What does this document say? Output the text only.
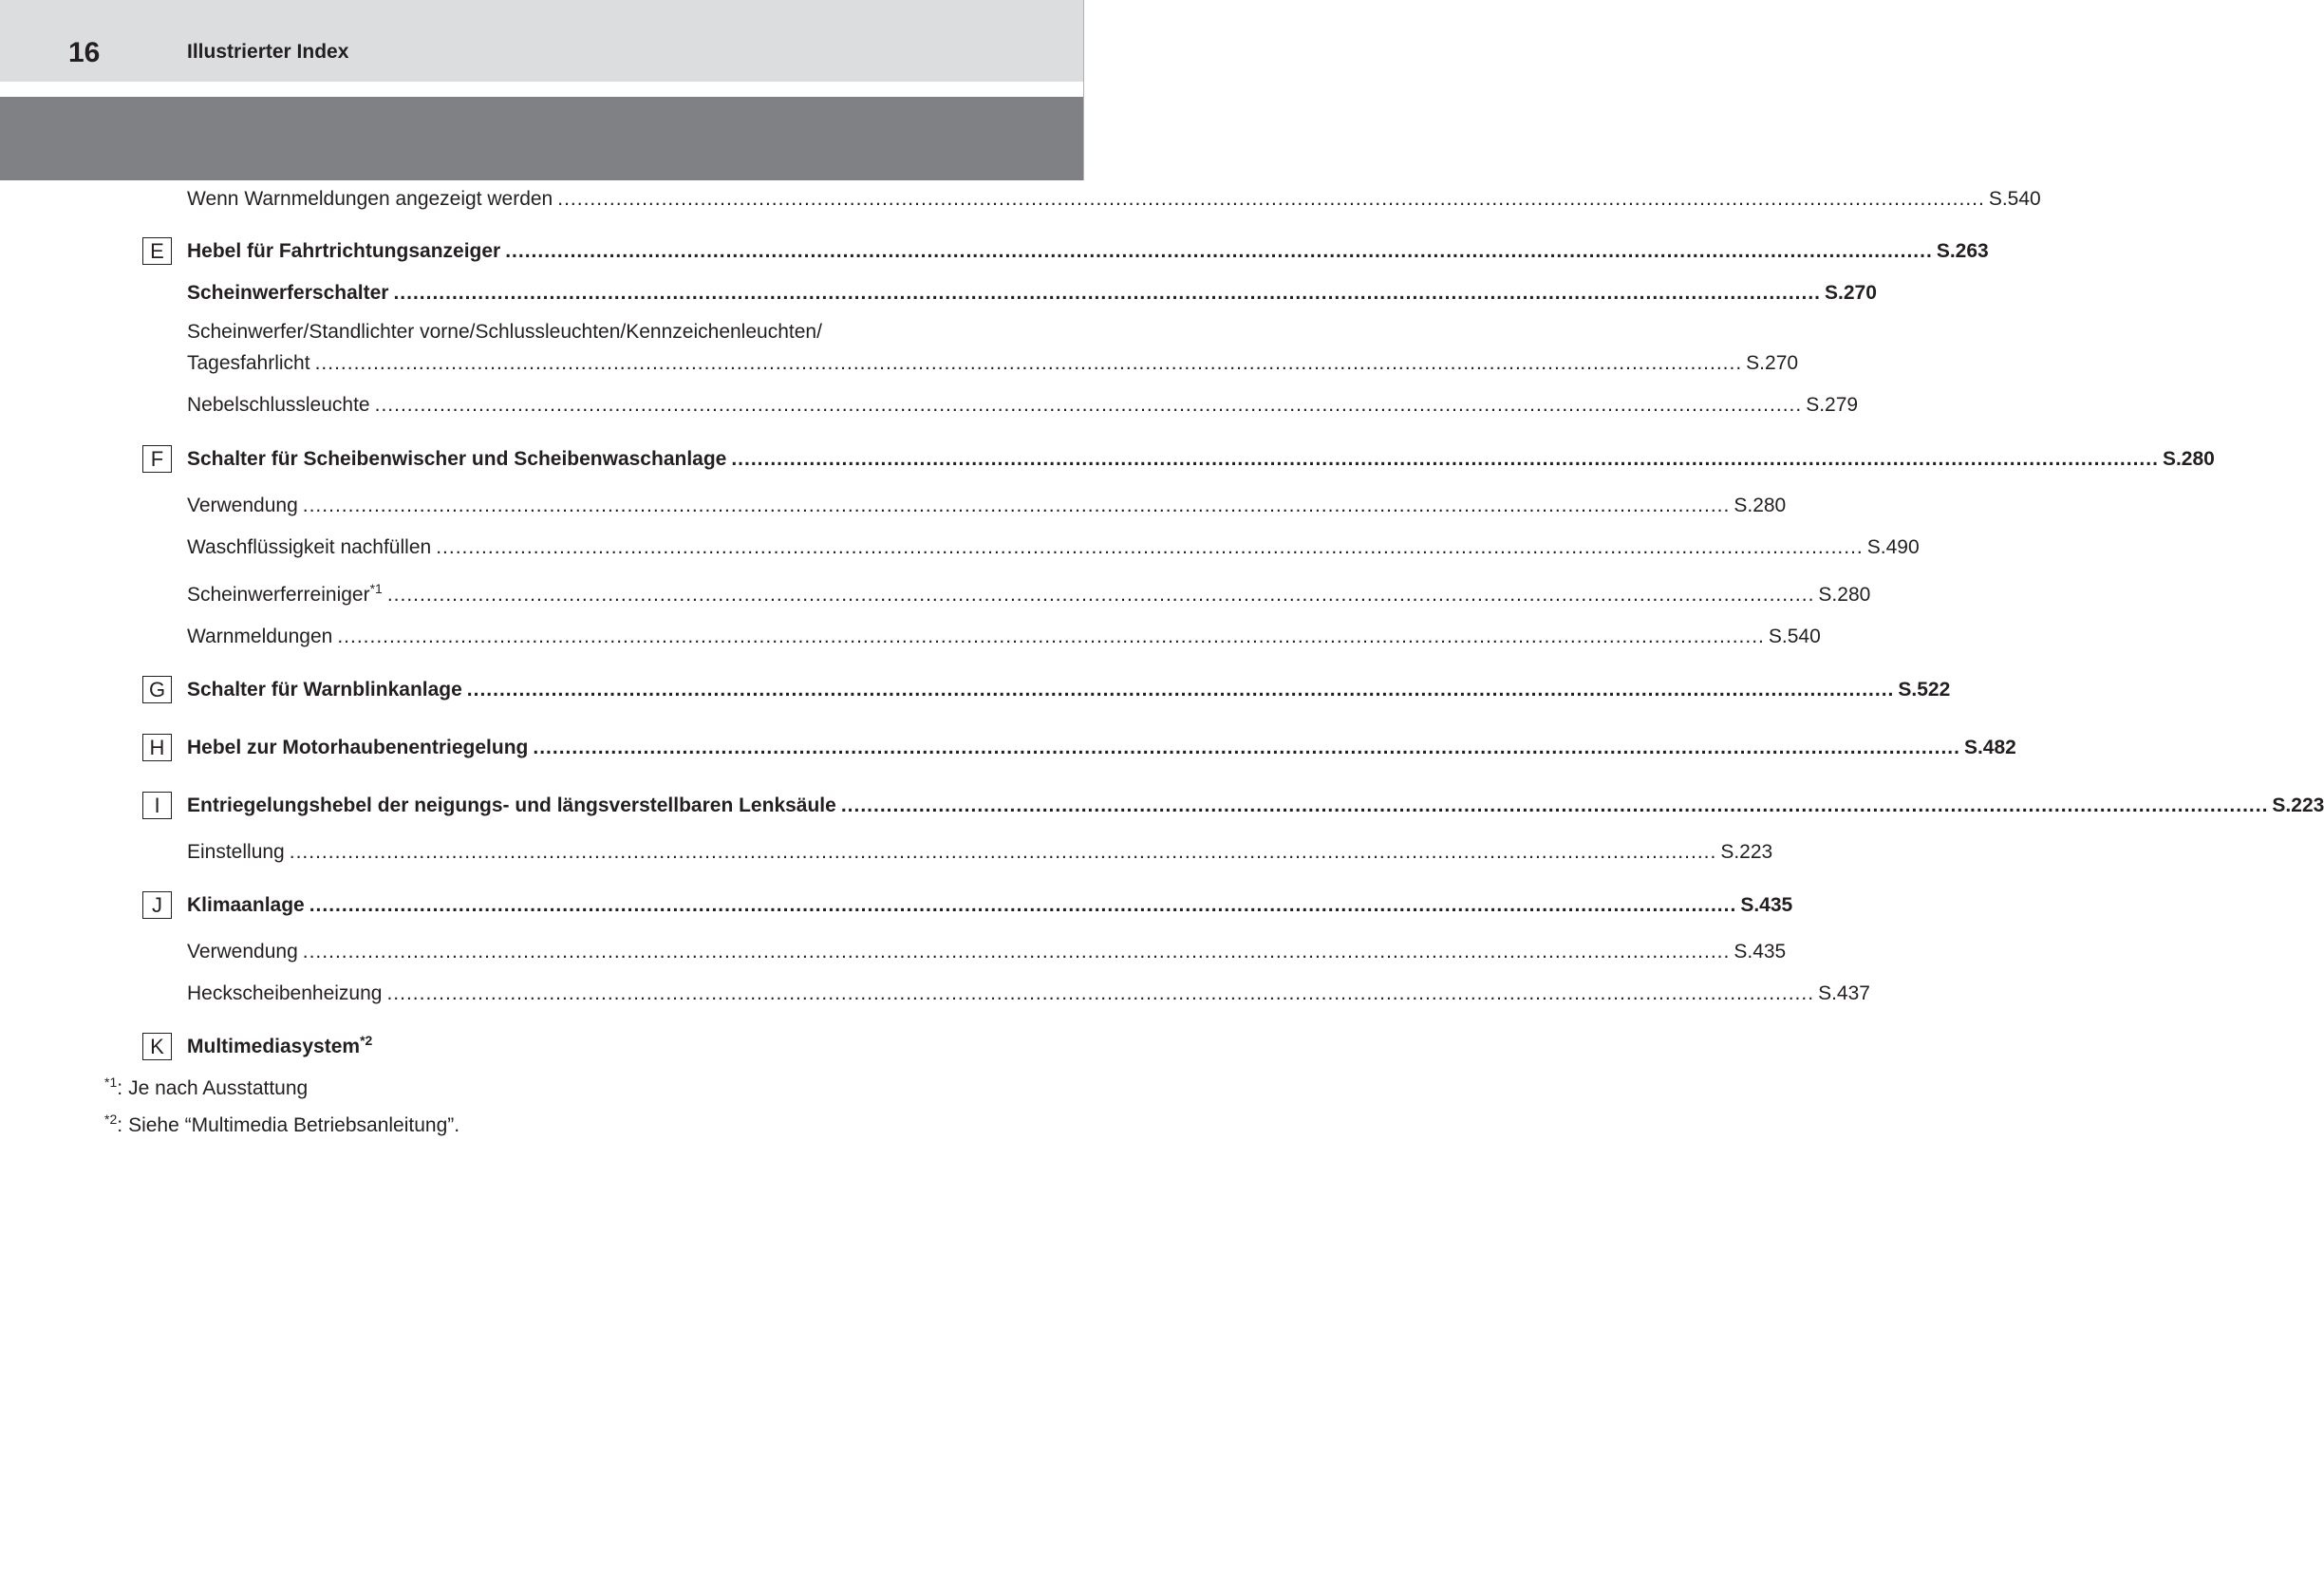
16	Illustrierter Index
Wenn Warnmeldungen angezeigt werden ............................................................................................................................................................................................................................ S.540
E	Hebel für Fahrtrichtungsanzeiger ............................................................................................................................................................................................................................ S.263
Scheinwerferschalter ............................................................................................................................................................................................................................ S.270
Scheinwerfer/Standlichter vorne/Schlussleuchten/Kennzeichenleuchten/
Tagesfahrlicht ............................................................................................................................................................................................................................ S.270
Nebelschlussleuchte ............................................................................................................................................................................................................................ S.279
F	Schalter für Scheibenwischer und Scheibenwaschanlage ............................................................................................................................................................................................................................ S.280
Verwendung ............................................................................................................................................................................................................................ S.280
Waschflüssigkeit nachfüllen ............................................................................................................................................................................................................................ S.490
Scheinwerferreiniger$^{*1}$ ............................................................................................................................................................................................................................ S.280
Warnmeldungen ............................................................................................................................................................................................................................ S.540
G	Schalter für Warnblinkanlage ............................................................................................................................................................................................................................ S.522
H	Hebel zur Motorhaubenentriegelung ............................................................................................................................................................................................................................ S.482
I	Entriegelungshebel der neigungs- und längsverstellbaren Lenksäule ............................................................................................................................................................................................................................ S.223
Einstellung ............................................................................................................................................................................................................................ S.223
J	Klimaanlage ............................................................................................................................................................................................................................ S.435
Verwendung ............................................................................................................................................................................................................................ S.435
Heckscheibenheizung ............................................................................................................................................................................................................................ S.437
K	Multimediasystem$^{*2}$
$^{*1}$: Je nach Ausstattung
$^{*2}$: Siehe “Multimedia Betriebsanleitung”.
